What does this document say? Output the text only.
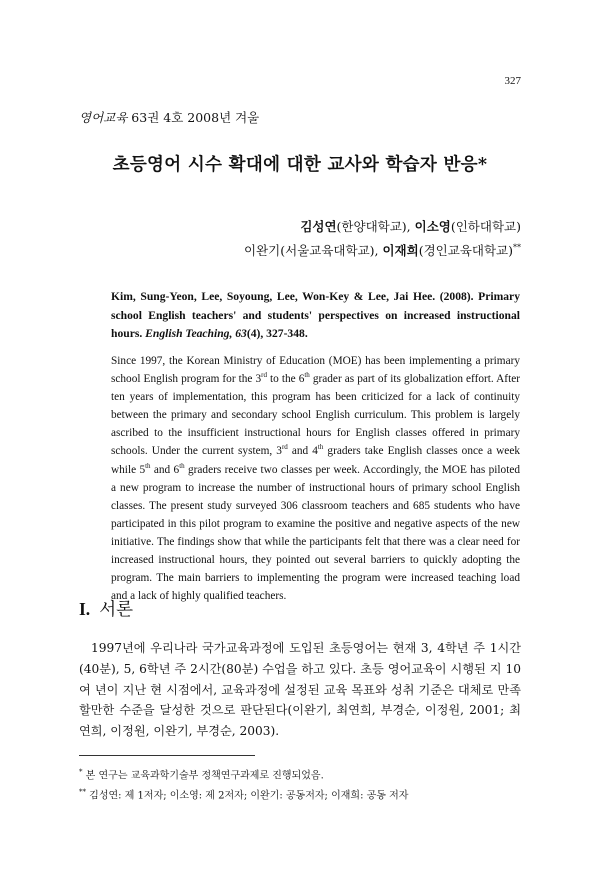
327
영어교육 63권 4호 2008년 겨울
초등영어 시수 확대에 대한 교사와 학습자 반응*
김성연(한양대학교), 이소영(인하대학교)
이완기(서울교육대학교), 이재희(경인교육대학교)**
Kim, Sung-Yeon, Lee, Soyoung, Lee, Won-Key & Lee, Jai Hee. (2008). Primary school English teachers' and students' perspectives on increased instructional hours. English Teaching, 63(4), 327-348.
Since 1997, the Korean Ministry of Education (MOE) has been implementing a primary school English program for the 3rd to the 6th grader as part of its globalization effort. After ten years of implementation, this program has been criticized for a lack of continuity between the primary and secondary school English curriculum. This problem is largely ascribed to the insufficient instructional hours for English classes offered in primary schools. Under the current system, 3rd and 4th graders take English classes once a week while 5th and 6th graders receive two classes per week. Accordingly, the MOE has piloted a new program to increase the number of instructional hours of primary school English classes. The present study surveyed 306 classroom teachers and 685 students who have participated in this pilot program to examine the positive and negative aspects of the new initiative. The findings show that while the participants felt that there was a clear need for increased instructional hours, they pointed out several barriers to quickly adopting the program. The main barriers to implementing the program were increased teaching load and a lack of highly qualified teachers.
I. 서론
1997년에 우리나라 국가교육과정에 도입된 초등영어는 현재 3, 4학년 주 1시간(40분), 5, 6학년 주 2시간(80분) 수업을 하고 있다. 초등 영어교육이 시행된 지 10여 년이 지난 현 시점에서, 교육과정에 설정된 교육 목표와 성취 기준은 대체로 만족할만한 수준을 달성한 것으로 판단된다(이완기, 최연희, 부경순, 이정원, 2001; 최연희, 이정원, 이완기, 부경순, 2003).
* 본 연구는 교육과학기술부 정책연구과제로 진행되었음.
** 김성연: 제 1저자; 이소영: 제 2저자; 이완기: 공동저자; 이재희: 공동 저자
